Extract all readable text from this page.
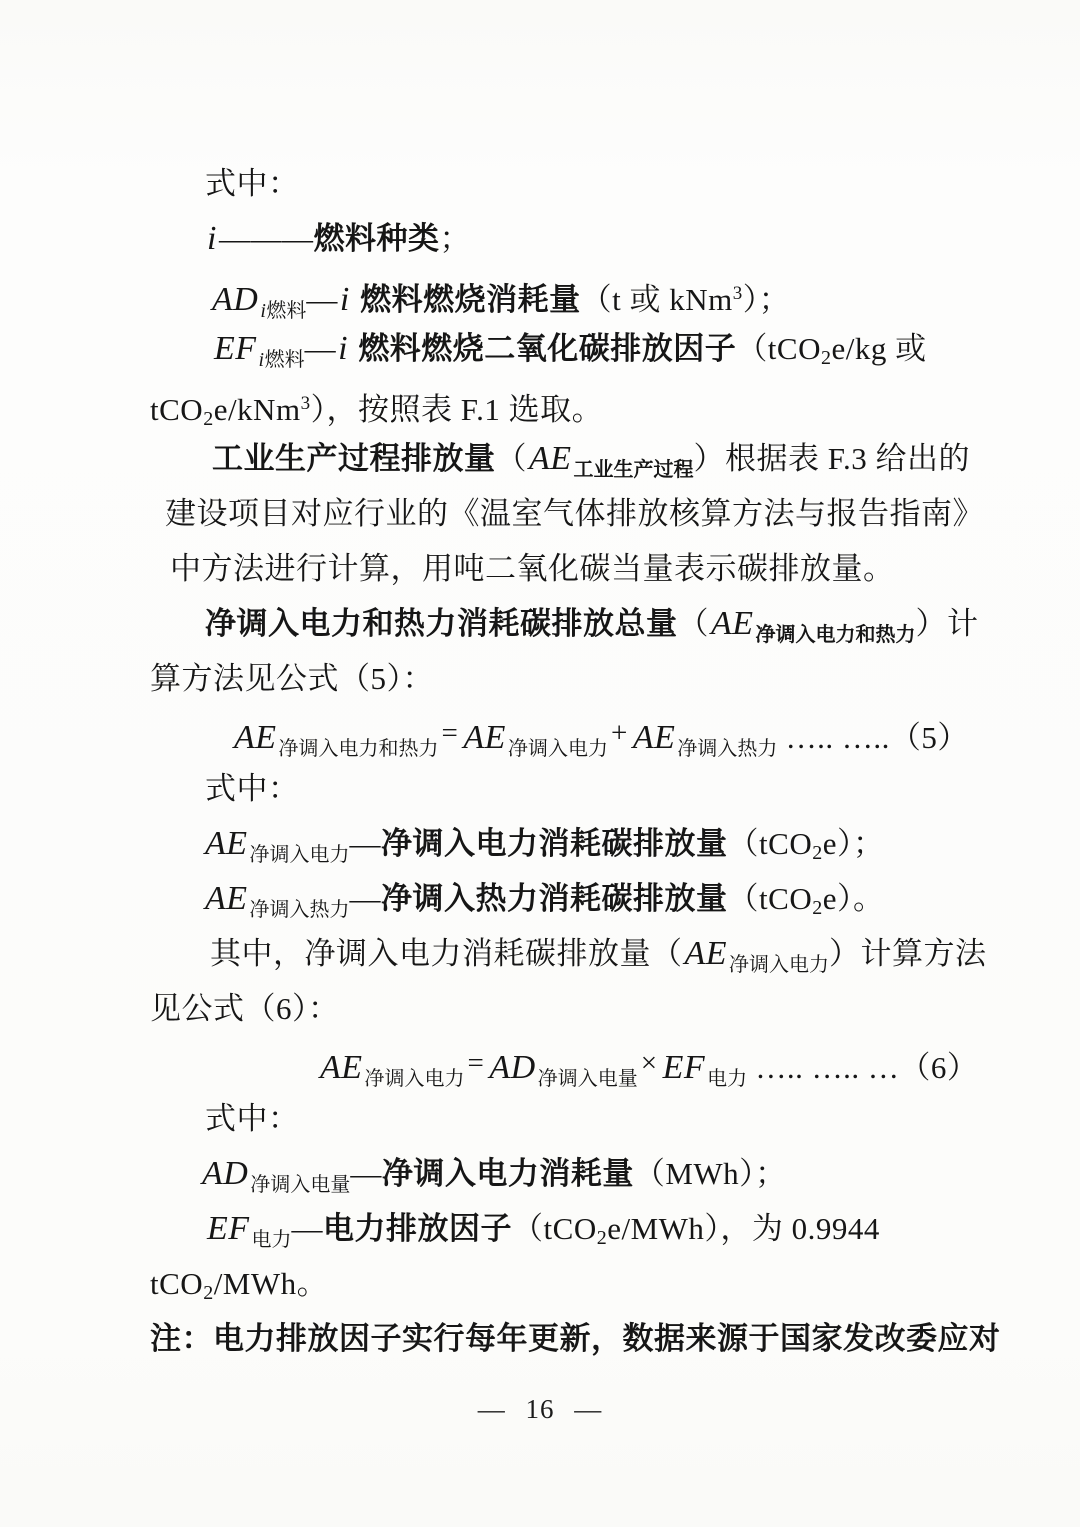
式中：
i———燃料种类；
AD $_{i燃料}$—i 燃料燃烧消耗量（t 或 kNm$^3$）；
EF $_{i燃料}$—i 燃料燃烧二氧化碳排放因子（tCO2e/kg 或
tCO2e/kNm$^3$），按照表 F.1 选取。
工业生产过程排放量（AE $_{工业生产过程}$）根据表 F.3 给出的
建设项目对应行业的《温室气体排放核算方法与报告指南》
中方法进行计算，用吨二氧化碳当量表示碳排放量。
净调入电力和热力消耗碳排放总量（AE $_{净调入电力和热力}$）计
算方法见公式（5）：
AE $_{净调入电力和热力}$ = AE $_{净调入电力}$ + AE $_{净调入热力}$ ….. …..（5）
式中：
AE $_{净调入电力}$—净调入电力消耗碳排放量（tCO2e）；
AE $_{净调入热力}$—净调入热力消耗碳排放量（tCO2e）。
其中，净调入电力消耗碳排放量（AE $_{净调入电力}$）计算方法
见公式（6）：
AE $_{净调入电力}$ = AD $_{净调入电量}$ × EF $_{电力}$ ….. ….. …（6）
式中：
AD $_{净调入电量}$—净调入电力消耗量（MWh）；
EF $_{电力}$—电力排放因子（tCO2e/MWh），为 0.9944
tCO2/MWh。
注：电力排放因子实行每年更新，数据来源于国家发改委应对
— 16 —
